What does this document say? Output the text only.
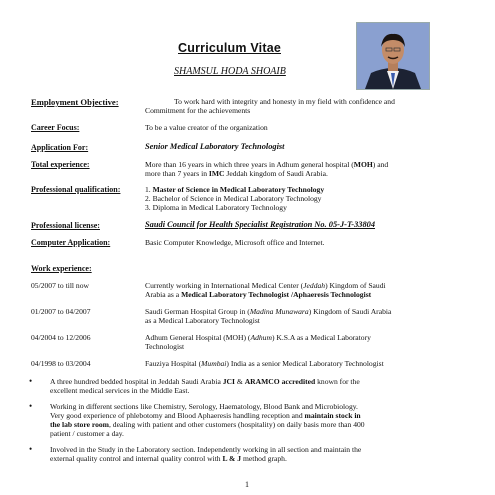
Curriculum Vitae
SHAMSUL HODA SHOAIB
Employment Objective:	To work hard with integrity and honesty in my field with confidence and
Commitment for the achievements
Career Focus:	To be a value creator of the organization
Application For:	Senior Medical Laboratory Technologist
Total experience:	More than 16 years in which three years in Adhum general hospital (MOH) and
more than 7 years in IMC Jeddah kingdom of Saudi Arabia.
Professional qualification:	1. Master of Science in Medical Laboratory Technology
2. Bachelor of Science in Medical Laboratory Technology
3. Diploma in Medical Laboratory Technology
Professional license:	Saudi Council for Health Specialist Registration No. 05-J-T-33804
Computer Application:	Basic Computer Knowledge, Microsoft office and Internet.
Work experience:
05/2007 to till now	Currently working in International Medical Center (Jeddah) Kingdom of Saudi
Arabia as a Medical Laboratory Technologist /Aphaeresis Technologist
01/2007 to 04/2007	Saudi German Hospital Group in (Madina Munawara) Kingdom of Saudi Arabia
as a Medical Laboratory Technologist
04/2004 to 12/2006	Adhum General Hospital (MOH) (Adhum) K.S.A as a Medical Laboratory
Technologist
04/1998 to 03/2004	Fauziya Hospital (Mumbai) India as a senior Medical Laboratory Technologist
• A three hundred bedded hospital in Jeddah Saudi Arabia JCI & ARAMCO accredited known for the
excellent medical services in the Middle East.
• Working in different sections like Chemistry, Serology, Haematology, Blood Bank and Microbiology.
Very good experience of phlebotomy and Blood Aphaeresis handling reception and maintain stock in
the lab store room, dealing with patient and other customers (hospitality) on daily basis more than 400
patient / customer a day.
• Involved in the Study in the Laboratory section. Independently working in all section and maintain the
external quality control and internal quality control with L & J method graph.
1
